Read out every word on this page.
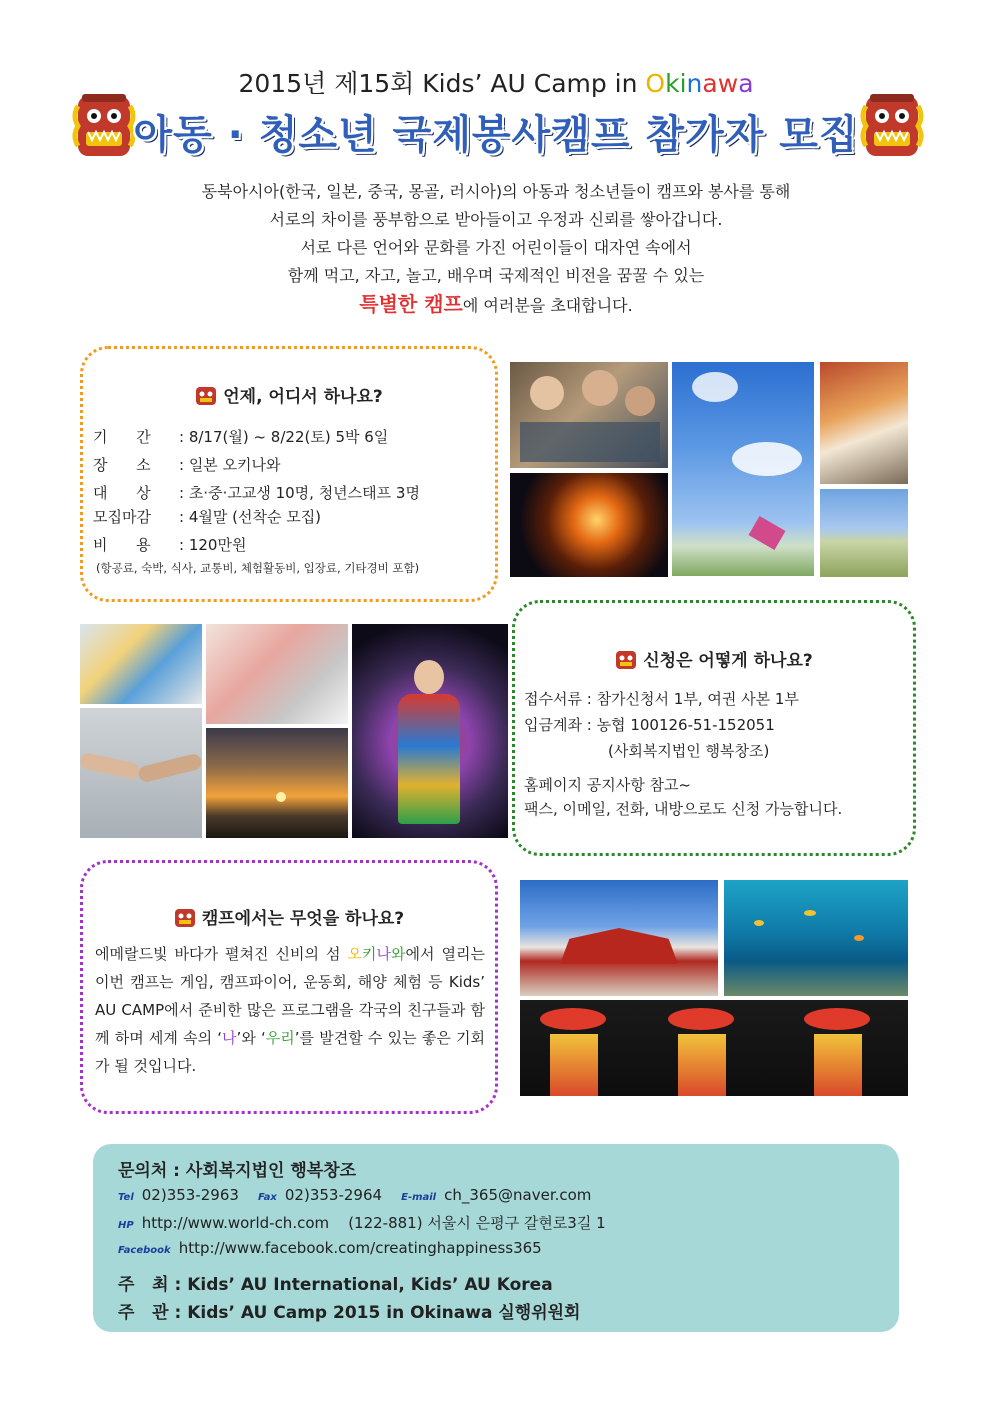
2015년 제15회 Kids’ AU Camp in Okinawa
아동 · 청소년 국제봉사캠프 참가자 모집
동북아시아(한국, 일본, 중국, 몽골, 러시아)의 아동과 청소년들이 캠프와 봉사를 통해
서로의 차이를 풍부함으로 받아들이고 우정과 신뢰를 쌓아갑니다.
서로 다른 언어와 문화를 가진 어린이들이 대자연 속에서
함께 먹고, 자고, 놀고, 배우며 국제적인 비전을 꿈꿀 수 있는
특별한 캠프에 여러분을 초대합니다.
언제, 어디서 하나요?
기      간 : 8/17(월) ~ 8/22(토) 5박 6일
장      소 : 일본 오키나와
대      상 : 초·중·고교생 10명, 청년스태프 3명
모집마감 : 4월말 (선착순 모집)
비      용 : 120만원
(항공료, 숙박, 식사, 교통비, 체험활동비, 입장료, 기타경비 포함)
신청은 어떻게 하나요?
접수서류 : 참가신청서 1부, 여권 사본 1부
입금계좌 : 농협 100126-51-152051
(사회복지법인 행복창조)
홈페이지 공지사항 참고~
팩스, 이메일, 전화, 내방으로도 신청 가능합니다.
캠프에서는 무엇을 하나요?
에메랄드빛 바다가 펼쳐진 신비의 섬 오키나와에서 열리는 이번 캠프는 게임, 캠프파이어, 운동회, 해양 체험 등 Kids’ AU CAMP에서 준비한 많은 프로그램을 각국의 친구들과 함께 하며 세계 속의 ‘나’와 ‘우리’를 발견할 수 있는 좋은 기회가 될 것입니다.
문의처 : 사회복지법인 행복창조
Tel 02)353-2963 Fax 02)353-2964 E-mail ch_365@naver.com
HP http://www.world-ch.com (122-881) 서울시 은평구 갈현로3길 1
Facebook http://www.facebook.com/creatinghappiness365
주   최 : Kids’ AU International, Kids’ AU Korea
주   관 : Kids’ AU Camp 2015 in Okinawa 실행위원회
